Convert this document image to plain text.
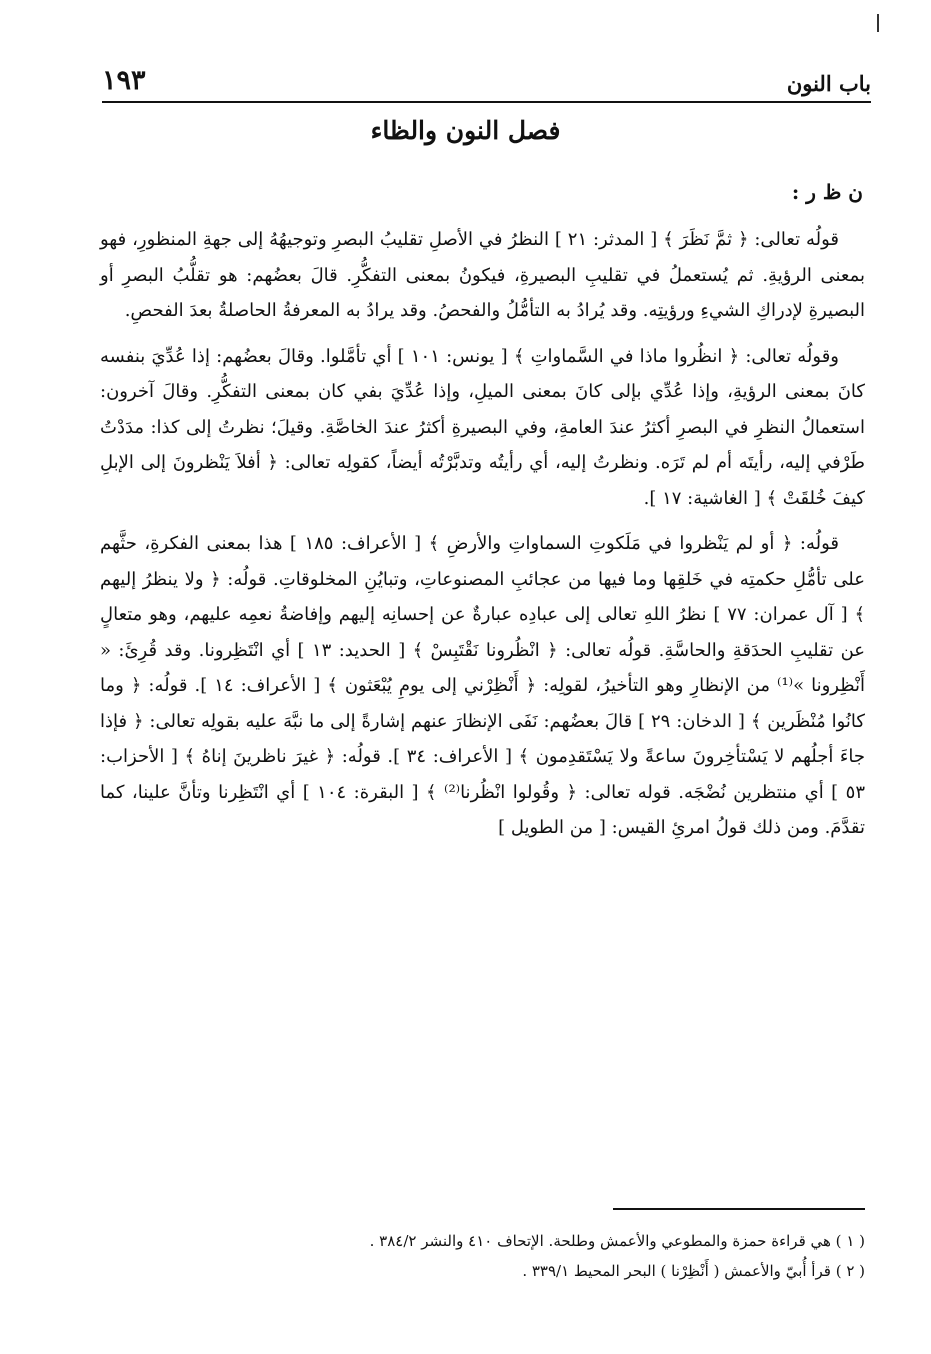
باب النون
١٩٣
فصل النون والظاء
ن ظ ر :

قولُه تعالى: ﴿ ثمَّ نَظَرَ ﴾ [ المدثر: ٢١ ] النظرُ في الأصلِ تقليبُ البصرِ وتوجيهُهُ إلى جهةِ المنظورِ، فهو بمعنى الرؤيةِ. ثم يُستعملُ في تقليبِ البصيرةِ، فيكونُ بمعنى التفكُّرِ. قالَ بعضُهم: هو تقلُّبُ البصرِ أو البصيرةِ لإدراكِ الشيءِ ورؤيتِه. وقد يُرادُ به التأمُّلُ والفحصُ. وقد يرادُ به المعرفةُ الحاصلةُ بعدَ الفحصِ.

وقولُه تعالى: ﴿ انظُروا ماذا في السَّماواتِ ﴾ [ يونس: ١٠١ ] أي تأمَّلوا. وقالَ بعضُهم: إذا عُدِّيَ بنفسه كانَ بمعنى الرؤيةِ، وإذا عُدِّي بإلى كانَ بمعنى الميلِ، وإذا عُدِّيَ بفي كان بمعنى التفكُّرِ. وقالَ آخرون: استعمالُ النظرِ في البصرِ أكثرُ عندَ العامةِ، وفي البصيرةِ أكثرُ عندَ الخاصَّةِ. وقيلَ؛ نظرتُ إلى كذا: مدَدْتُ طَرْفي إليه، رأيتَه أم لم تَرَه. ونظرتُ إليه، أي رأيتُه وتدبَّرْتُه أيضاً، كقولِه تعالى: ﴿ أفلاَ يَنْظرونَ إلى الإبلِ كيفَ خُلقَتْ ﴾ [ الغاشية: ١٧ ].

قولُه: ﴿ أو لم يَنْظروا في مَلَكوتِ السماواتِ والأرضِ ﴾ [ الأعراف: ١٨٥ ] هذا بمعنى الفكرةِ، حثَّهم على تأمُّلِ حكمتِه في خَلقِها وما فيها من عجائبِ المصنوعاتِ، وتبايُنِ المخلوقاتِ. قولُه: ﴿ ولا ينظرُ إليهم ﴾ [ آل عمران: ٧٧ ] نظرُ اللهِ تعالى إلى عبادِه عبارةٌ عن إحسانِه إليهم وإفاضةُ نعمِه عليهم، وهو متعالٍ عن تقليبِ الحدَقةِ والحاسَّةِ. قولُه تعالى: ﴿ انْظُرونا نَقْتَبِسْ ﴾ [ الحديد: ١٣ ] أي انْتَظِرونا. وقد قُرِئَ: « أَنْظِرونا »⁽¹⁾ من الإنظارِ وهو التأخيرُ، لقولِه: ﴿ أَنْظِرْني إلى يومِ يُبْعَثون ﴾ [ الأعراف: ١٤ ]. قولُه: ﴿ وما كانُوا مُنْظَرين ﴾ [ الدخان: ٢٩ ] قالَ بعضُهم: نَفَى الإنظارَ عنهم إشارةً إلى ما نبَّهَ عليه بقولِه تعالى: ﴿ فإذا جاءَ أجلُهم لا يَسْتأخِرونَ ساعةً ولا يَسْتَقدِمون ﴾ [ الأعراف: ٣٤ ]. قولُه: ﴿ غيرَ ناظرينَ إناهُ ﴾ [ الأحزاب: ٥٣ ] أي منتظرين نُضْجَه. قوله تعالى: ﴿ وقُولوا انْظُرنا⁽²⁾ ﴾ [ البقرة: ١٠٤ ] أي انْتَظِرنا وتأنَّ علينا، كما تقدَّمَ. ومن ذلك قولُ امرئِ القيس: [ من الطويل ]

( ١ ) هي قراءة حمزة والمطوعي والأعمش وطلحة. الإتحاف ٤١٠ والنشر ٣٨٤/٢ .

( ٢ ) قرأ أُبيّ والأعمش ( أَنْظِرْنا ) البحر المحيط ٣٣٩/١ .
